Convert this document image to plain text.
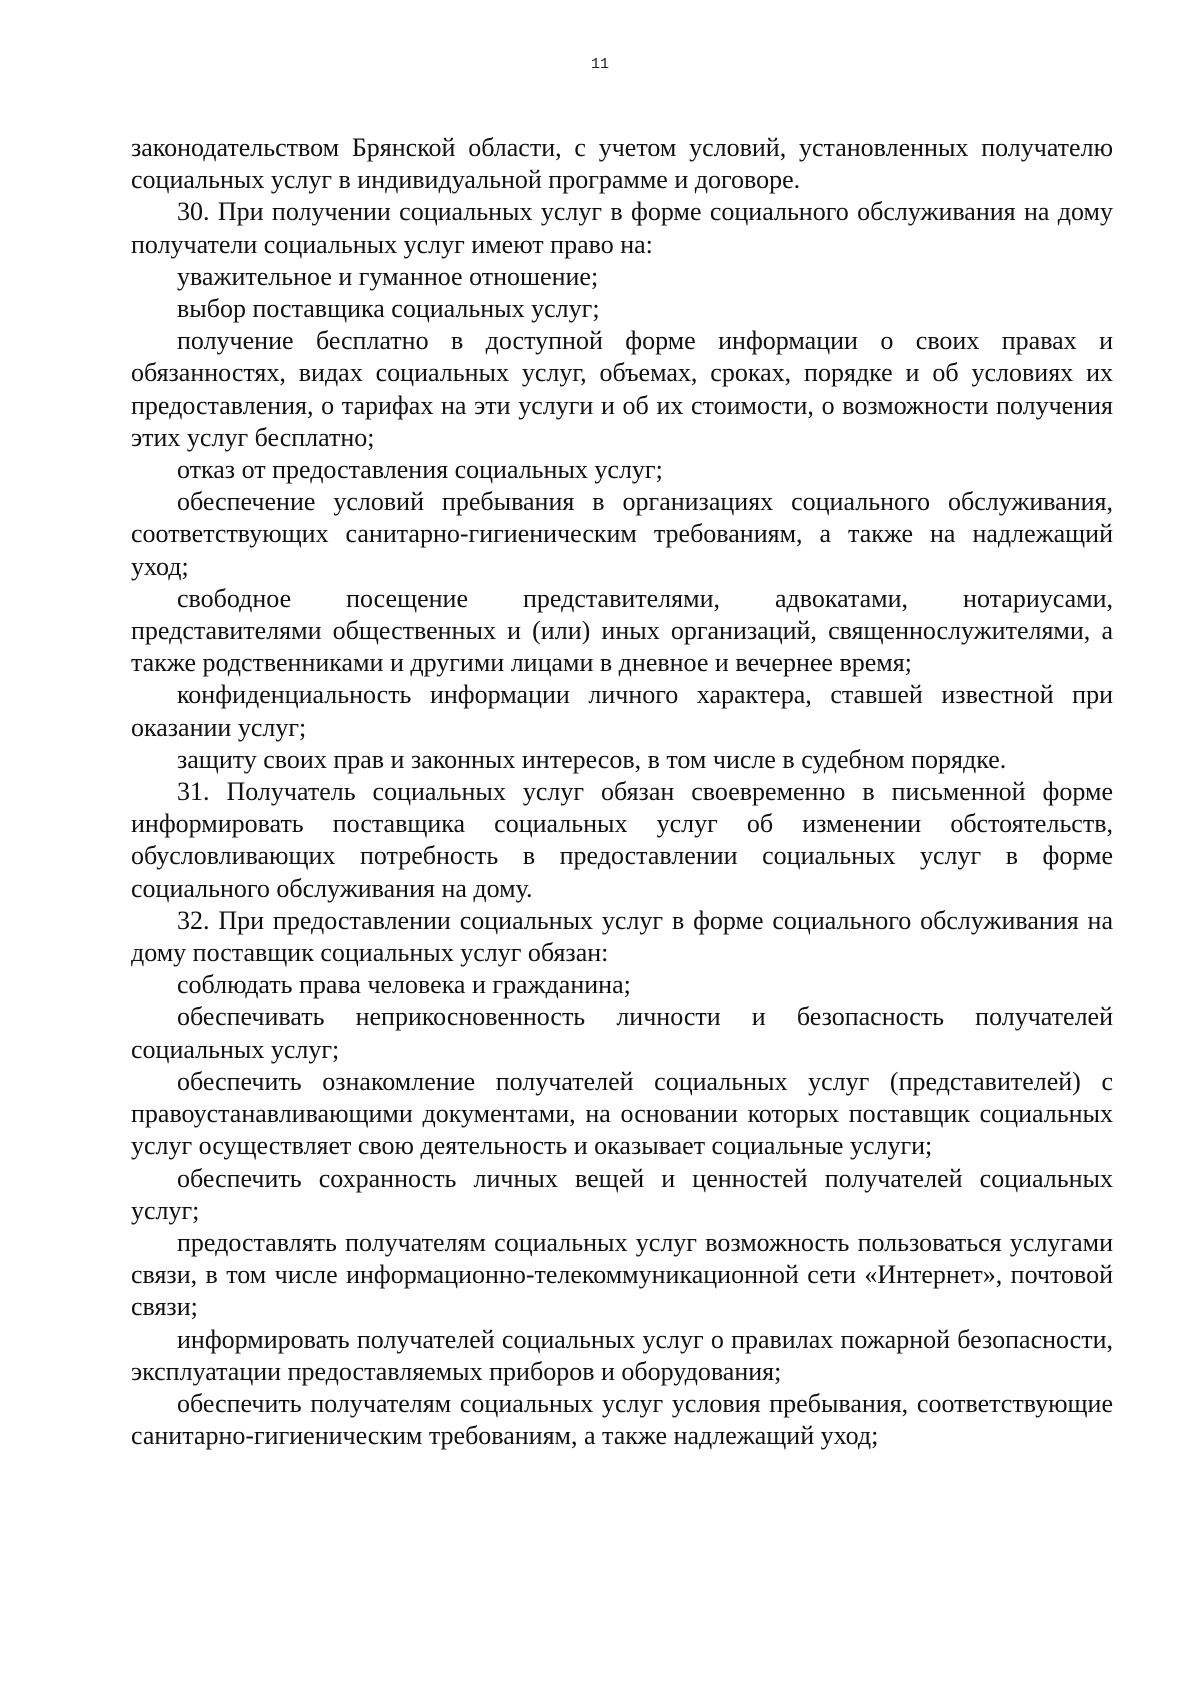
11

законодательством Брянской области, с учетом условий, установленных получателю социальных услуг в индивидуальной программе и договоре.

30. При получении социальных услуг в форме социального обслуживания на дому получатели социальных услуг имеют право на:

уважительное и гуманное отношение;

выбор поставщика социальных услуг;

получение бесплатно в доступной форме информации о своих правах и обязанностях, видах социальных услуг, объемах, сроках, порядке и об условиях их предоставления, о тарифах на эти услуги и об их стоимости, о возможности получения этих услуг бесплатно;

отказ от предоставления социальных услуг;

обеспечение условий пребывания в организациях социального обслуживания, соответствующих санитарно-гигиеническим требованиям, а также на надлежащий уход;

свободное посещение представителями, адвокатами, нотариусами, представителями общественных и (или) иных организаций, священнослужителями, а также родственниками и другими лицами в дневное и вечернее время;

конфиденциальность информации личного характера, ставшей известной при оказании услуг;

защиту своих прав и законных интересов, в том числе в судебном порядке.

31. Получатель социальных услуг обязан своевременно в письменной форме информировать поставщика социальных услуг об изменении обстоятельств, обусловливающих потребность в предоставлении социальных услуг в форме социального обслуживания на дому.

32. При предоставлении социальных услуг в форме социального обслуживания на дому поставщик социальных услуг обязан:

соблюдать права человека и гражданина;

обеспечивать неприкосновенность личности и безопасность получателей социальных услуг;

обеспечить ознакомление получателей социальных услуг (представителей) с правоустанавливающими документами, на основании которых поставщик социальных услуг осуществляет свою деятельность и оказывает социальные услуги;

обеспечить сохранность личных вещей и ценностей получателей социальных услуг;

предоставлять получателям социальных услуг возможность пользоваться услугами связи, в том числе информационно-телекоммуникационной сети «Интернет», почтовой связи;

информировать получателей социальных услуг о правилах пожарной безопасности, эксплуатации предоставляемых приборов и оборудования;

обеспечить получателям социальных услуг условия пребывания, соответствующие санитарно-гигиеническим требованиям, а также надлежащий уход;
